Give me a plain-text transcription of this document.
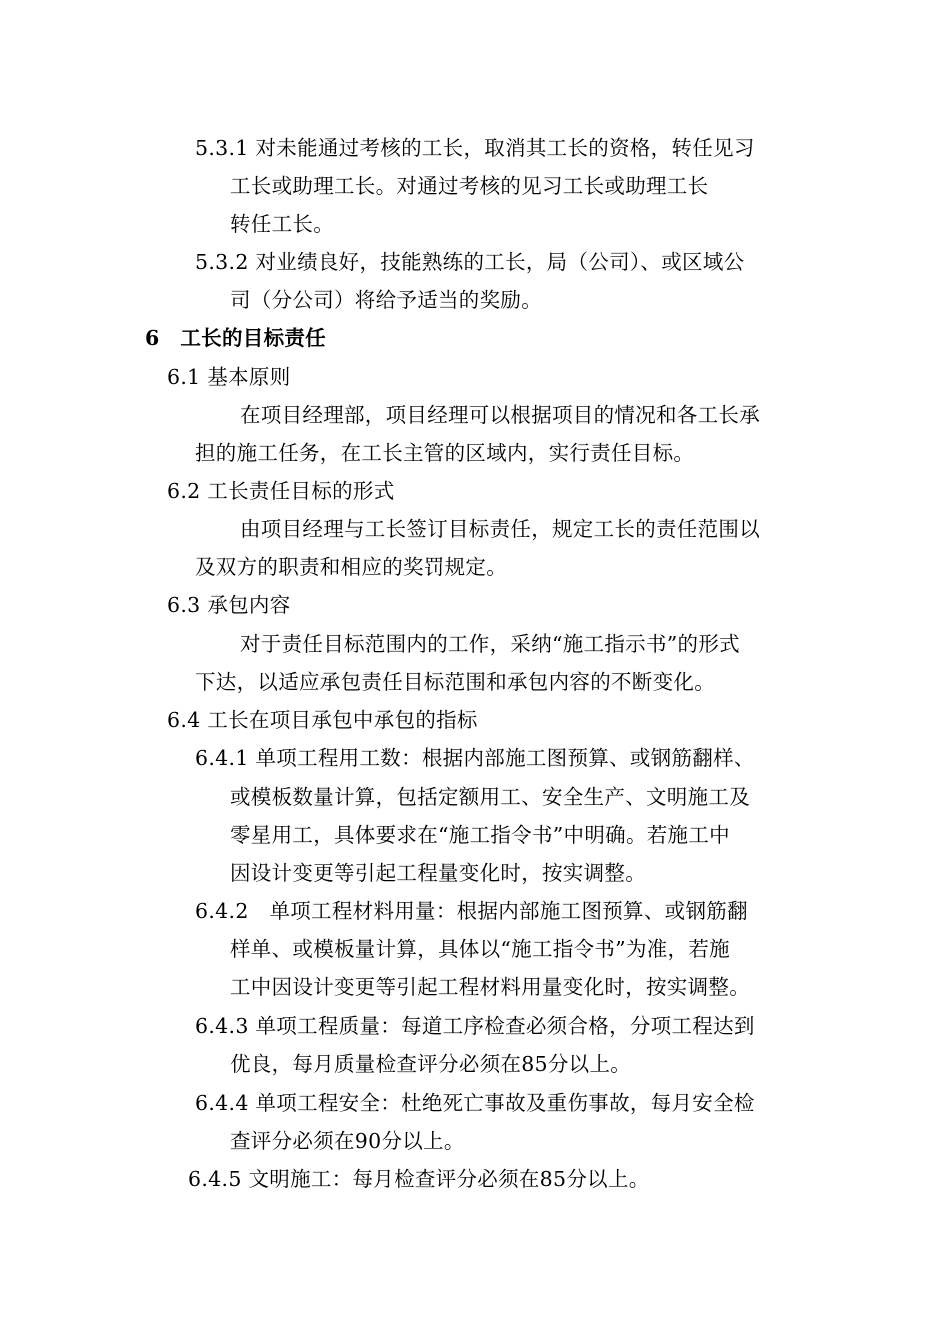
5.3.1 对未能通过考核的工长，取消其工长的资格，转任见习
工长或助理工长。对通过考核的见习工长或助理工长
转任工长。
5.3.2 对业绩良好，技能熟练的工长，局（公司）、或区域公
司（分公司）将给予适当的奖励。
6　工长的目标责任
6.1 基本原则
在项目经理部，项目经理可以根据项目的情况和各工长承
担的施工任务，在工长主管的区域内，实行责任目标。
6.2 工长责任目标的形式
由项目经理与工长签订目标责任，规定工长的责任范围以
及双方的职责和相应的奖罚规定。
6.3 承包内容
对于责任目标范围内的工作，采纳“施工指示书”的形式
下达，以适应承包责任目标范围和承包内容的不断变化。
6.4 工长在项目承包中承包的指标
6.4.1 单项工程用工数：根据内部施工图预算、或钢筋翻样、
或模板数量计算，包括定额用工、安全生产、文明施工及
零星用工，具体要求在“施工指令书”中明确。若施工中
因设计变更等引起工程量变化时，按实调整。
6.4.2　单项工程材料用量：根据内部施工图预算、或钢筋翻
样单、或模板量计算，具体以“施工指令书”为准，若施
工中因设计变更等引起工程材料用量变化时，按实调整。
6.4.3 单项工程质量：每道工序检查必须合格，分项工程达到
优良，每月质量检查评分必须在85分以上。
6.4.4 单项工程安全：杜绝死亡事故及重伤事故，每月安全检
查评分必须在90分以上。
6.4.5 文明施工：每月检查评分必须在85分以上。
